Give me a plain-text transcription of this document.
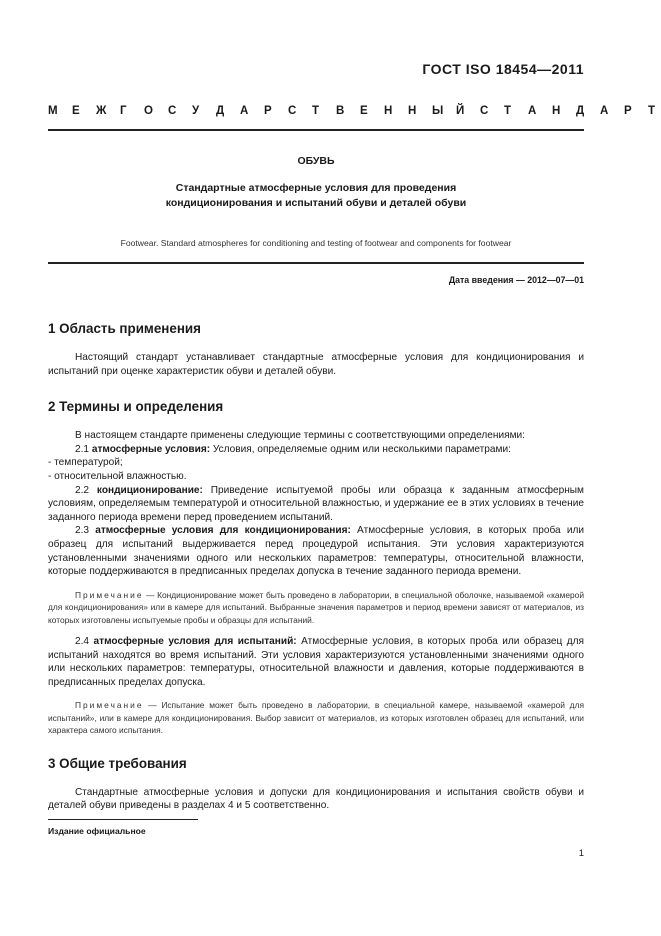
ГОСТ ISO 18454—2011
М	Е	Ж	Г	О	С	У	Д	А	Р	С	Т	В	Е	Н	Н	Ы	Й	С	Т	А	Н	Д	А	Р	Т
ОБУВЬ
Стандартные атмосферные условия для проведения
кондиционирования и испытаний обуви и деталей обуви
Footwear. Standard atmospheres for conditioning and testing of footwear and components for footwear
Дата введения — 2012—07—01
1 Область применения

Настоящий стандарт устанавливает стандартные атмосферные условия для кондиционирования и испытаний при оценке характеристик обуви и деталей обуви.

2 Термины и определения

В настоящем стандарте применены следующие термины с соответствующими определениями:

2.1 атмосферные условия: Условия, определяемые одним или несколькими параметрами:

- температурой;

- относительной влажностью.

2.2 кондиционирование: Приведение испытуемой пробы или образца к заданным атмосферным условиям, определяемым температурой и относительной влажностью, и удержание ее в этих условиях в течение заданного периода времени перед проведением испытаний.

2.3 атмосферные условия для кондиционирования: Атмосферные условия, в которых проба или образец для испытаний выдерживается перед процедурой испытания. Эти условия характеризуются установленными значениями одного или нескольких параметров: температуры, относительной влажности, которые поддерживаются в предписанных пределах допуска в течение заданного периода времени.

Примечание — Кондиционирование может быть проведено в лаборатории, в специальной оболочке, называемой «камерой для кондиционирования» или в камере для испытаний. Выбранные значения параметров и период времени зависят от материалов, из которых изготовлены испытуемые пробы и образцы для испытаний.

2.4 атмосферные условия для испытаний: Атмосферные условия, в которых проба или образец для испытаний находятся во время испытаний. Эти условия характеризуются установленными значениями одного или нескольких параметров: температуры, относительной влажности и давления, которые поддерживаются в предписанных пределах допуска.

Примечание — Испытание может быть проведено в лаборатории, в специальной камере, называемой «камерой для испытаний», или в камере для кондиционирования. Выбор зависит от материалов, из которых изготовлен образец для испытаний, или характера самого испытания.

3 Общие требования

Стандартные атмосферные условия и допуски для кондиционирования и испытания свойств обуви и деталей обуви приведены в разделах 4 и 5 соответственно.

Издание официальное
1
